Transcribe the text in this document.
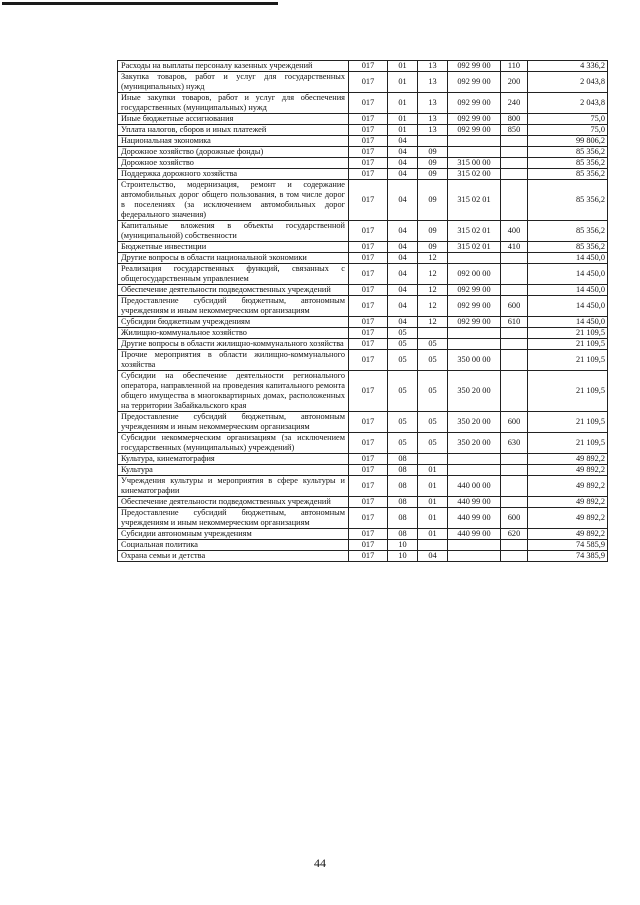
Расходы на выплаты персоналу казенных учреждений	017	01	13	092 99 00	110	4 336,2
Закупка товаров, работ и услуг для государственных (муниципальных) нужд	017	01	13	092 99 00	200	2 043,8
Иные закупки товаров, работ и услуг для обеспечения государственных (муниципальных) нужд	017	01	13	092 99 00	240	2 043,8
Иные бюджетные ассигнования	017	01	13	092 99 00	800	75,0
Уплата налогов, сборов и иных платежей	017	01	13	092 99 00	850	75,0
Национальная экономика	017	04				99 806,2
Дорожное хозяйство (дорожные фонды)	017	04	09			85 356,2
Дорожное хозяйство	017	04	09	315 00 00		85 356,2
Поддержка дорожного хозяйства	017	04	09	315 02 00		85 356,2
Строительство, модернизация, ремонт и содержание автомобильных дорог общего пользования, в том числе дорог в поселениях (за исключением автомобильных дорог федерального значения)	017	04	09	315 02 01		85 356,2
Капитальные вложения в объекты государственной (муниципальной) собственности	017	04	09	315 02 01	400	85 356,2
Бюджетные инвестиции	017	04	09	315 02 01	410	85 356,2
Другие вопросы в области национальной экономики	017	04	12			14 450,0
Реализация государственных функций, связанных с общегосударственным управлением	017	04	12	092 00 00		14 450,0
Обеспечение деятельности подведомственных учреждений	017	04	12	092 99 00		14 450,0
Предоставление субсидий бюджетным, автономным учреждениям и иным некоммерческим организациям	017	04	12	092 99 00	600	14 450,0
Субсидии бюджетным учреждениям	017	04	12	092 99 00	610	14 450,0
Жилищно-коммунальное хозяйство	017	05				21 109,5
Другие вопросы в области жилищно-коммунального хозяйства	017	05	05			21 109,5
Прочие мероприятия в области жилищно-коммунального хозяйства	017	05	05	350 00 00		21 109,5
Субсидии на обеспечение деятельности регионального оператора, направленной на проведения капитального ремонта общего имущества в многоквартирных домах, расположенных на территории Забайкальского края	017	05	05	350 20 00		21 109,5
Предоставление субсидий бюджетным, автономным учреждениям и иным некоммерческим организациям	017	05	05	350 20 00	600	21 109,5
Субсидии некоммерческим организациям (за исключением государственных (муниципальных) учреждений)	017	05	05	350 20 00	630	21 109,5
Культура, кинематография	017	08				49 892,2
Культура	017	08	01			49 892,2
Учреждения культуры и мероприятия в сфере культуры и кинематографии	017	08	01	440 00 00		49 892,2
Обеспечение деятельности подведомственных учреждений	017	08	01	440 99 00		49 892,2
Предоставление субсидий бюджетным, автономным учреждениям и иным некоммерческим организациям	017	08	01	440 99 00	600	49 892,2
Субсидии автономным учреждениям	017	08	01	440 99 00	620	49 892,2
Социальная политика	017	10				74 585,9
Охрана семьи и детства	017	10	04			74 385,9
44
